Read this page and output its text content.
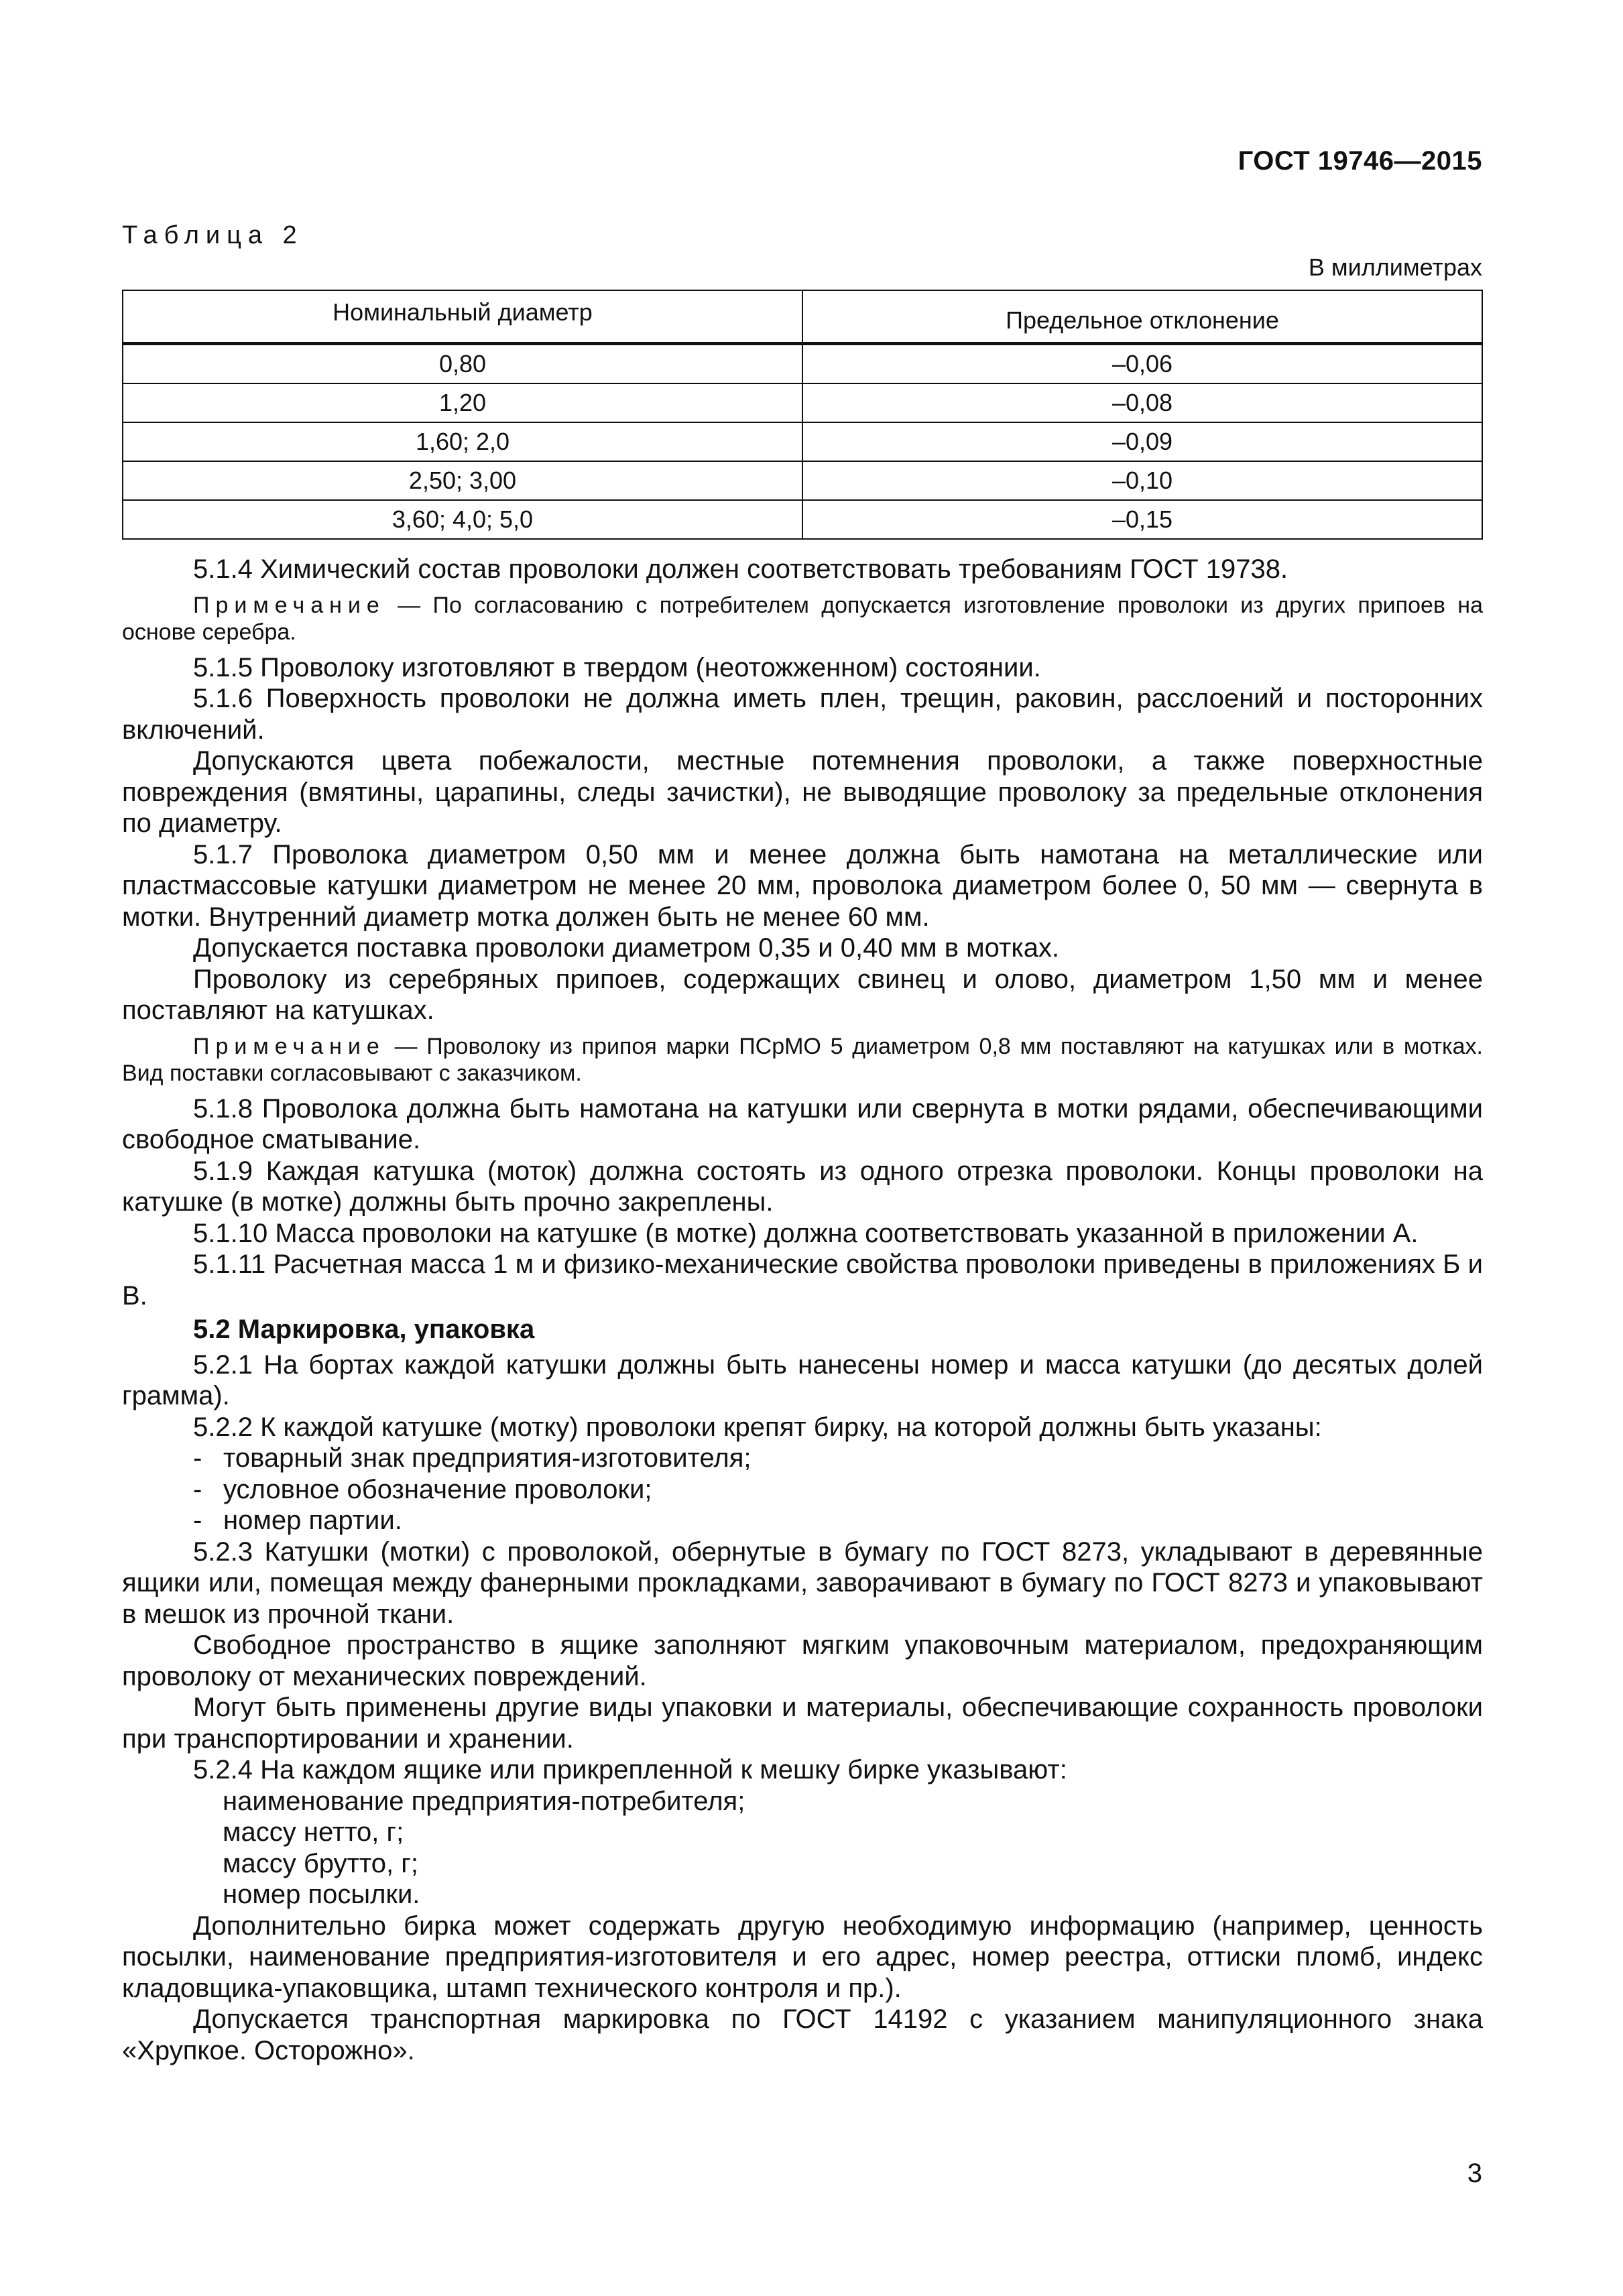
ГОСТ 19746—2015
Таблица 2
В миллиметрах
Номинальный диаметр	Предельное отклонение
0,80	–0,06
1,20	–0,08
1,60; 2,0	–0,09
2,50; 3,00	–0,10
3,60; 4,0; 5,0	–0,15

5.1.4 Химический состав проволоки должен соответствовать требованиям ГОСТ 19738.

Примечание — По согласованию с потребителем допускается изготовление проволоки из других припоев на основе серебра.

5.1.5 Проволоку изготовляют в твердом (неотожженном) состоянии.

5.1.6 Поверхность проволоки не должна иметь плен, трещин, раковин, расслоений и посторонних включений.

Допускаются цвета побежалости, местные потемнения проволоки, а также поверхностные повреждения (вмятины, царапины, следы зачистки), не выводящие проволоку за предельные отклонения по диаметру.

5.1.7 Проволока диаметром 0,50 мм и менее должна быть намотана на металлические или пластмассовые катушки диаметром не менее 20 мм, проволока диаметром более 0, 50 мм — свернута в мотки. Внутренний диаметр мотка должен быть не менее 60 мм.

Допускается поставка проволоки диаметром 0,35 и 0,40 мм в мотках.

Проволоку из серебряных припоев, содержащих свинец и олово, диаметром 1,50 мм и менее поставляют на катушках.

Примечание — Проволоку из припоя марки ПСрМО 5 диаметром 0,8 мм поставляют на катушках или в мотках. Вид поставки согласовывают с заказчиком.

5.1.8 Проволока должна быть намотана на катушки или свернута в мотки рядами, обеспечивающими свободное сматывание.

5.1.9 Каждая катушка (моток) должна состоять из одного отрезка проволоки. Концы проволоки на катушке (в мотке) должны быть прочно закреплены.

5.1.10 Масса проволоки на катушке (в мотке) должна соответствовать указанной в приложении А.

5.1.11 Расчетная масса 1 м и физико-механические свойства проволоки приведены в приложениях Б и В.

5.2 Маркировка, упаковка

5.2.1 На бортах каждой катушки должны быть нанесены номер и масса катушки (до десятых долей грамма).

5.2.2 К каждой катушке (мотку) проволоки крепят бирку, на которой должны быть указаны:

- товарный знак предприятия-изготовителя;

- условное обозначение проволоки;

- номер партии.

5.2.3 Катушки (мотки) с проволокой, обернутые в бумагу по ГОСТ 8273, укладывают в деревянные ящики или, помещая между фанерными прокладками, заворачивают в бумагу по ГОСТ 8273 и упаковывают в мешок из прочной ткани.

Свободное пространство в ящике заполняют мягким упаковочным материалом, предохраняющим проволоку от механических повреждений.

Могут быть применены другие виды упаковки и материалы, обеспечивающие сохранность проволоки при транспортировании и хранении.

5.2.4 На каждом ящике или прикрепленной к мешку бирке указывают:

наименование предприятия-потребителя;

массу нетто, г;

массу брутто, г;

номер посылки.

Дополнительно бирка может содержать другую необходимую информацию (например, ценность посылки, наименование предприятия-изготовителя и его адрес, номер реестра, оттиски пломб, индекс кладовщика-упаковщика, штамп технического контроля и пр.).

Допускается транспортная маркировка по ГОСТ 14192 с указанием манипуляционного знака «Хрупкое. Осторожно».

3
